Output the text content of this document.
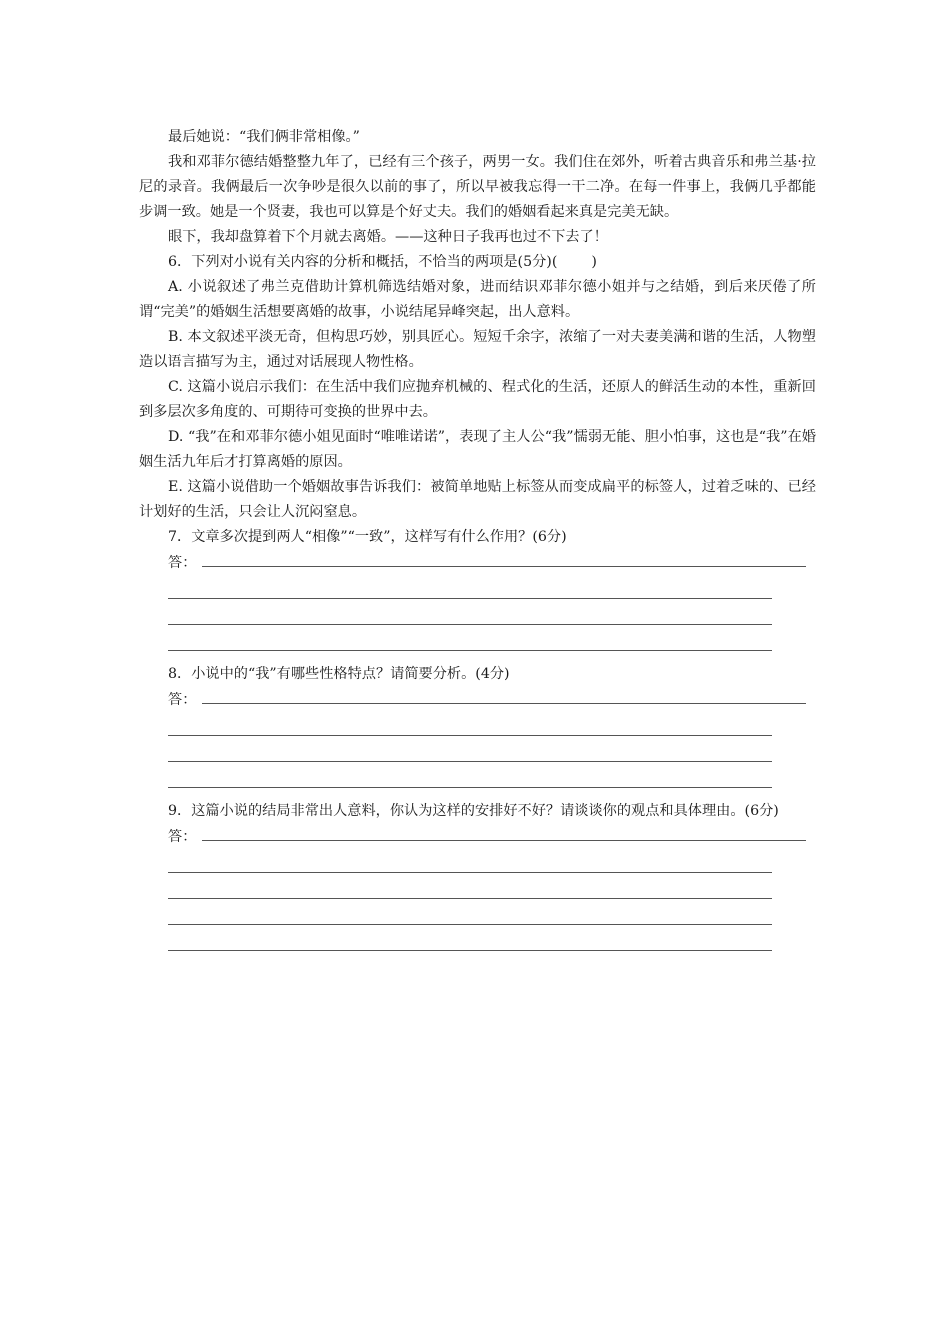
最后她说：“我们俩非常相像。”

我和邓菲尔德结婚整整九年了，已经有三个孩子，两男一女。我们住在郊外，听着古典音乐和弗兰基·拉尼的录音。我俩最后一次争吵是很久以前的事了，所以早被我忘得一干二净。在每一件事上，我俩几乎都能步调一致。她是一个贤妻，我也可以算是个好丈夫。我们的婚姻看起来真是完美无缺。

眼下，我却盘算着下个月就去离婚。——这种日子我再也过不下去了！

6．下列对小说有关内容的分析和概括，不恰当的两项是(5分)( )

A. 小说叙述了弗兰克借助计算机筛选结婚对象，进而结识邓菲尔德小姐并与之结婚，到后来厌倦了所谓“完美”的婚姻生活想要离婚的故事，小说结尾异峰突起，出人意料。

B. 本文叙述平淡无奇，但构思巧妙，别具匠心。短短千余字，浓缩了一对夫妻美满和谐的生活，人物塑造以语言描写为主，通过对话展现人物性格。

C. 这篇小说启示我们：在生活中我们应抛弃机械的、程式化的生活，还原人的鲜活生动的本性，重新回到多层次多角度的、可期待可变换的世界中去。

D. “我”在和邓菲尔德小姐见面时“唯唯诺诺”，表现了主人公“我”懦弱无能、胆小怕事，这也是“我”在婚姻生活九年后才打算离婚的原因。

E. 这篇小说借助一个婚姻故事告诉我们：被简单地贴上标签从而变成扁平的标签人，过着乏味的、已经计划好的生活，只会让人沉闷窒息。

7．文章多次提到两人“相像”“一致”，这样写有什么作用？(6分)

答：

8．小说中的“我”有哪些性格特点？请简要分析。(4分)

答：

9．这篇小说的结局非常出人意料，你认为这样的安排好不好？请谈谈你的观点和具体理由。(6分)

答：
